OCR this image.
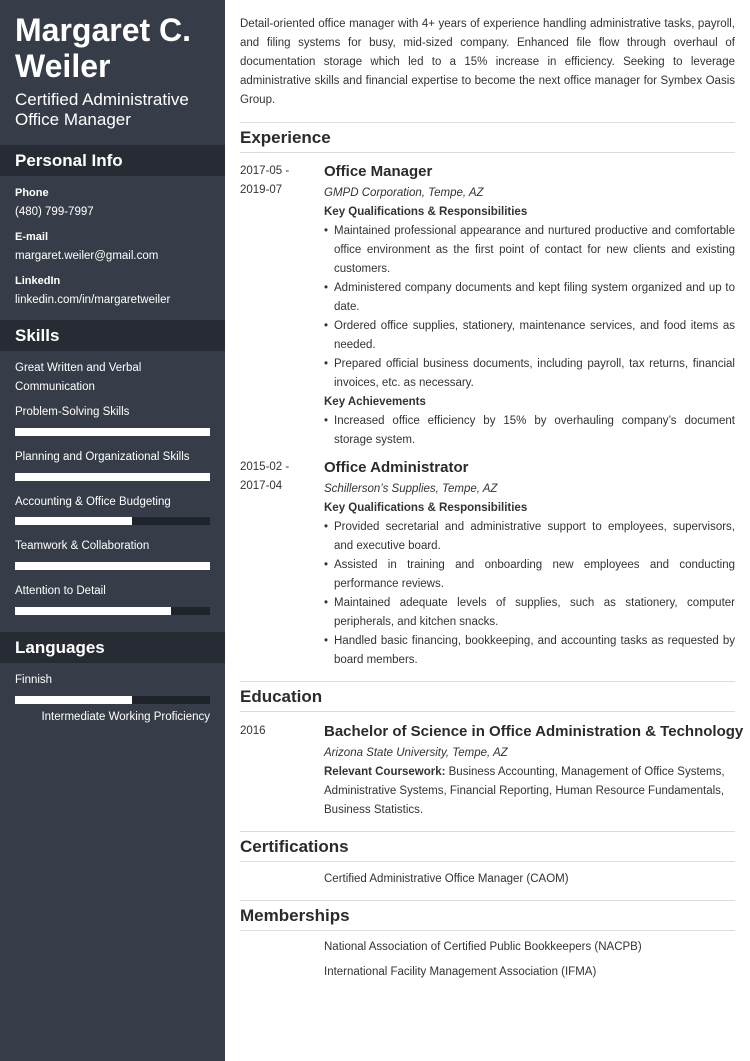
Margaret C. Weiler
Certified Administrative Office Manager
Personal Info
Phone
(480) 799-7997
E-mail
margaret.weiler@gmail.com
LinkedIn
linkedin.com/in/margaretweiler
Skills
Great Written and Verbal Communication
Problem-Solving Skills
Planning and Organizational Skills
Accounting & Office Budgeting
Teamwork & Collaboration
Attention to Detail
Languages
Finnish
Intermediate Working Proficiency
Detail-oriented office manager with 4+ years of experience handling administrative tasks, payroll, and filing systems for busy, mid-sized company. Enhanced file flow through overhaul of documentation storage which led to a 15% increase in efficiency. Seeking to leverage administrative skills and financial expertise to become the next office manager for Symbex Oasis Group.
Experience
2017-05 -
2019-07
Office Manager
GMPD Corporation, Tempe, AZ
Key Qualifications & Responsibilities
• Maintained professional appearance and nurtured productive and comfortable office environment as the first point of contact for new clients and existing customers.
• Administered company documents and kept filing system organized and up to date.
• Ordered office supplies, stationery, maintenance services, and food items as needed.
• Prepared official business documents, including payroll, tax returns, financial invoices, etc. as necessary.
Key Achievements
• Increased office efficiency by 15% by overhauling company’s document storage system.
2015-02 -
2017-04
Office Administrator
Schillerson’s Supplies, Tempe, AZ
Key Qualifications & Responsibilities
• Provided secretarial and administrative support to employees, supervisors, and executive board.
• Assisted in training and onboarding new employees and conducting performance reviews.
• Maintained adequate levels of supplies, such as stationery, computer peripherals, and kitchen snacks.
• Handled basic financing, bookkeeping, and accounting tasks as requested by board members.
Education
2016	Bachelor of Science in Office Administration & Technology
Arizona State University, Tempe, AZ
Relevant Coursework: Business Accounting, Management of Office Systems, Administrative Systems, Financial Reporting, Human Resource Fundamentals, Business Statistics.
Certifications
Certified Administrative Office Manager (CAOM)
Memberships
National Association of Certified Public Bookkeepers (NACPB)
International Facility Management Association (IFMA)
